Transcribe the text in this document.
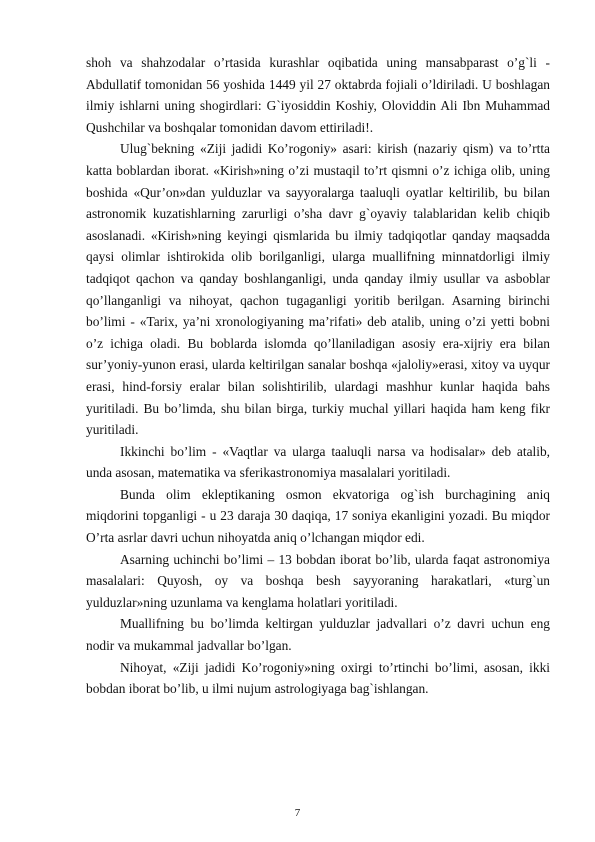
shoh va shahzodalar o’rtasida kurashlar oqibatida uning mansabparast o’g`li - Abdullatif tomonidan 56 yoshida 1449 yil 27 oktabrda fojiali o’ldiriladi. U boshlagan ilmiy ishlarni uning shogirdlari: G`iyosiddin Koshiy, Oloviddin Ali Ibn Muhammad Qushchilar va boshqalar tomonidan davom ettiriladi!.

Ulug`bekning «Ziji jadidi Ko’rogoniy» asari: kirish (nazariy qism) va to’rtta katta boblardan iborat. «Kirish»ning o’zi mustaqil to’rt qismni o’z ichiga olib, uning boshida «Qur’on»dan yulduzlar va sayyoralarga taaluqli oyatlar keltirilib, bu bilan astronomik kuzatishlarning zarurligi o’sha davr g`oyaviy talablaridan kelib chiqib asoslanadi. «Kirish»ning keyingi qismlarida bu ilmiy tadqiqotlar qanday maqsadda qaysi olimlar ishtirokida olib borilganligi, ularga muallifning minnatdorligi ilmiy tadqiqot qachon va qanday boshlanganligi, unda qanday ilmiy usullar va asboblar qo’llanganligi va nihoyat, qachon tugaganligi yoritib berilgan. Asarning birinchi bo’limi - «Tarix, ya’ni xronologiyaning ma’rifati» deb atalib, uning o’zi yetti bobni o’z ichiga oladi. Bu boblarda islomda qo’llaniladigan asosiy era-xijriy era bilan sur’yoniy-yunon erasi, ularda keltirilgan sanalar boshqa «jaloliy»erasi, xitoy va uyqur erasi, hind-forsiy eralar bilan solishtirilib, ulardagi mashhur kunlar haqida bahs yuritiladi. Bu bo’limda, shu bilan birga, turkiy muchal yillari haqida ham keng fikr yuritiladi.

Ikkinchi bo’lim - «Vaqtlar va ularga taaluqli narsa va hodisalar» deb atalib, unda asosan, matematika va sferikastronomiya masalalari yoritiladi.

Bunda olim ekleptikaning osmon ekvatoriga og`ish burchagining aniq miqdorini topganligi - u 23 daraja 30 daqiqa, 17 soniya ekanligini yozadi. Bu miqdor O’rta asrlar davri uchun nihoyatda aniq o’lchangan miqdor edi.

Asarning uchinchi bo’limi – 13 bobdan iborat bo’lib, ularda faqat astronomiya masalalari: Quyosh, oy va boshqa besh sayyoraning harakatlari, «turg`un yulduzlar»ning uzunlama va kenglama holatlari yoritiladi.

Muallifning bu bo’limda keltirgan yulduzlar jadvallari o’z davri uchun eng nodir va mukammal jadvallar bo’lgan.

Nihoyat, «Ziji jadidi Ko’rogoniy»ning oxirgi to’rtinchi bo’limi, asosan, ikki bobdan iborat bo’lib, u ilmi nujum astrologiyaga bag`ishlangan.

7
